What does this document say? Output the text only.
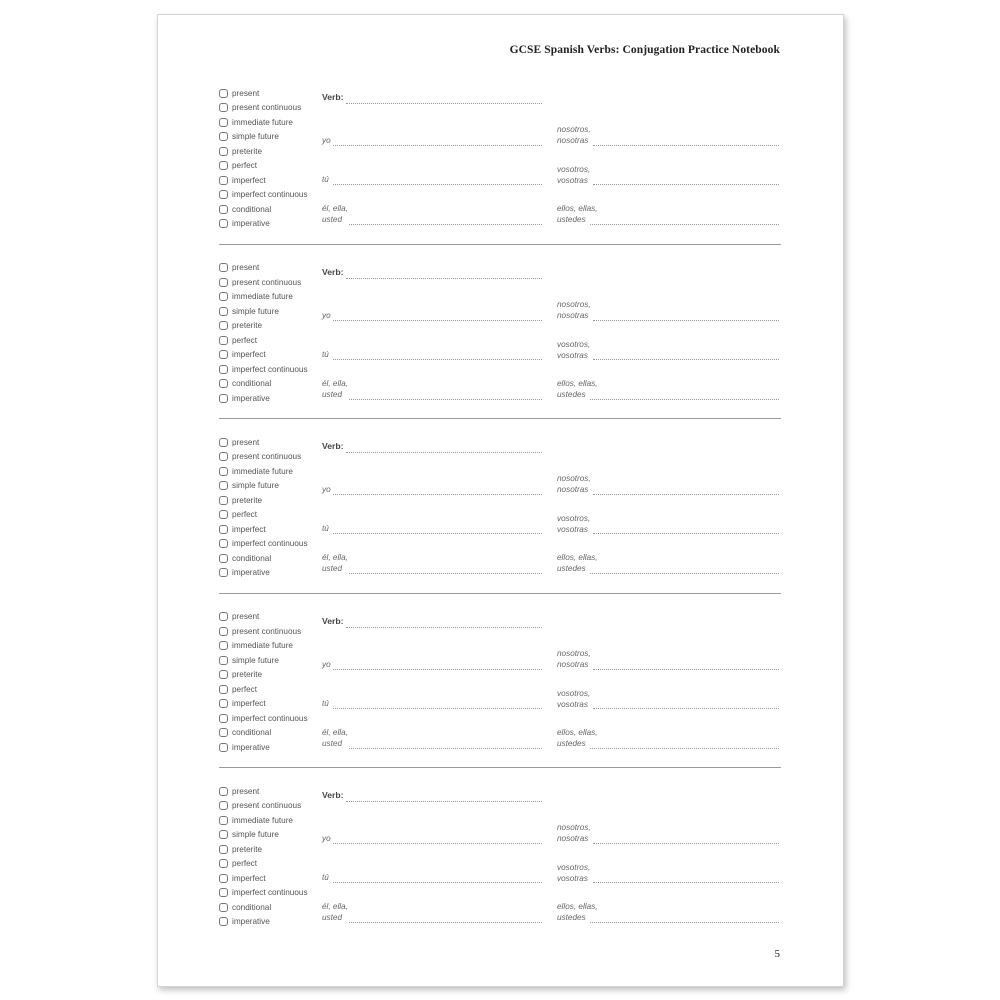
GCSE Spanish Verbs: Conjugation Practice Notebook
present
present continuous
immediate future
simple future
preterite
perfect
imperfect
imperfect continuous
conditional
imperative
Verb:
yo
tú
él, ella,
usted
nosotros,
nosotras
vosotros,
vosotras
ellos, ellas,
ustedes
present
present continuous
immediate future
simple future
preterite
perfect
imperfect
imperfect continuous
conditional
imperative
Verb:
yo
tú
él, ella,
usted
nosotros,
nosotras
vosotros,
vosotras
ellos, ellas,
ustedes
present
present continuous
immediate future
simple future
preterite
perfect
imperfect
imperfect continuous
conditional
imperative
Verb:
yo
tú
él, ella,
usted
nosotros,
nosotras
vosotros,
vosotras
ellos, ellas,
ustedes
present
present continuous
immediate future
simple future
preterite
perfect
imperfect
imperfect continuous
conditional
imperative
Verb:
yo
tú
él, ella,
usted
nosotros,
nosotras
vosotros,
vosotras
ellos, ellas,
ustedes
present
present continuous
immediate future
simple future
preterite
perfect
imperfect
imperfect continuous
conditional
imperative
Verb:
yo
tú
él, ella,
usted
nosotros,
nosotras
vosotros,
vosotras
ellos, ellas,
ustedes
5
